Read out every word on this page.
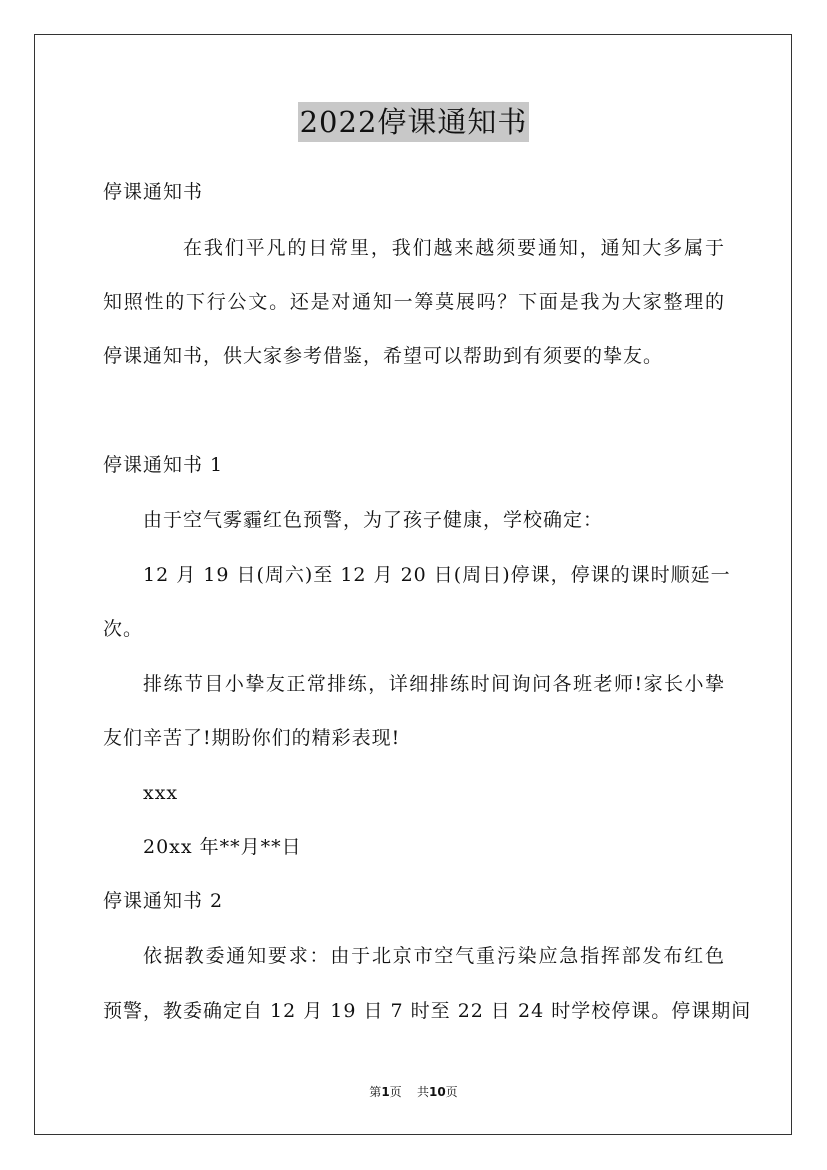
2022停课通知书
停课通知书
在我们平凡的日常里，我们越来越须要通知，通知大多属于
知照性的下行公文。还是对通知一筹莫展吗？下面是我为大家整理的
停课通知书，供大家参考借鉴，希望可以帮助到有须要的挚友。
停课通知书 1
由于空气雾霾红色预警，为了孩子健康，学校确定：
12 月 19 日(周六)至 12 月 20 日(周日)停课，停课的课时顺延一
次。
排练节目小挚友正常排练，详细排练时间询问各班老师!家长小挚
友们辛苦了!期盼你们的精彩表现!
xxx
20xx 年**月**日
停课通知书 2
依据教委通知要求：由于北京市空气重污染应急指挥部发布红色
预警，教委确定自 12 月 19 日 7 时至 22 日 24 时学校停课。停课期间
第1页 共10页
